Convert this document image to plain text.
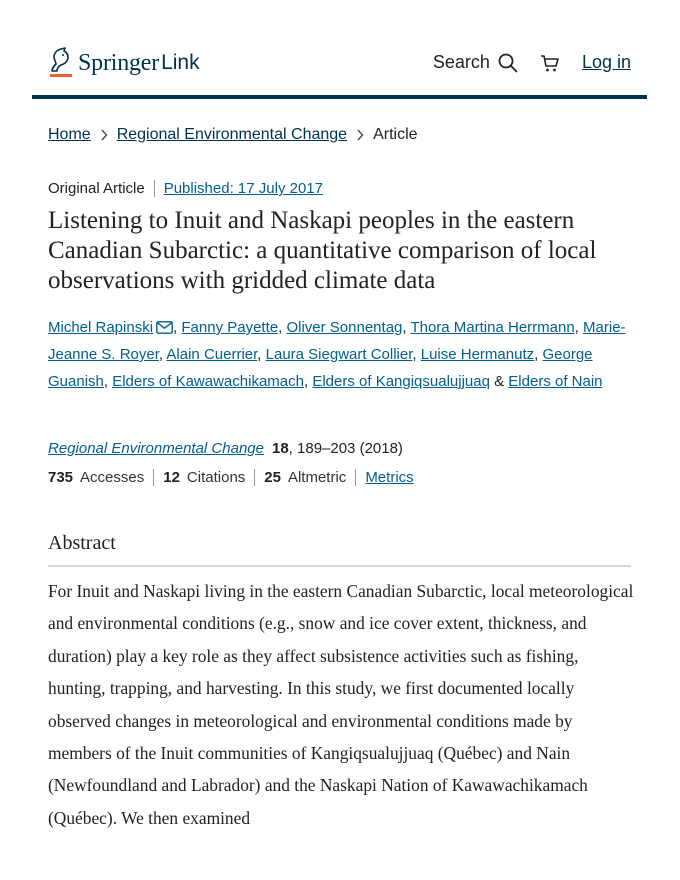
Springer Link	Search	Log in
Home Regional Environmental Change Article
Original Article	Published: 17 July 2017
Listening to Inuit and Naskapi peoples in the eastern Canadian Subarctic: a quantitative comparison of local observations with gridded climate data
Michel Rapinski , Fanny Payette, Oliver Sonnentag, Thora Martina Herrmann, Marie-Jeanne S. Royer, Alain Cuerrier, Laura Siegwart Collier, Luise Hermanutz, George Guanish, Elders of Kawawachikamach, Elders of Kangiqsualujjuaq & Elders of Nain
Regional Environmental Change 18, 189–203 (2018)
735 Accesses 12 Citations 25 Altmetric	Metrics
Abstract

For Inuit and Naskapi living in the eastern Canadian Subarctic, local meteorological and environmental conditions (e.g., snow and ice cover extent, thickness, and duration) play a key role as they affect subsistence activities such as fishing, hunting, trapping, and harvesting. In this study, we first documented locally observed changes in meteorological and environmental conditions made by members of the Inuit communities of Kangiqsualujjuaq (Québec) and Nain (Newfoundland and Labrador) and the Naskapi Nation of Kawawachikamach (Québec). We then examined
